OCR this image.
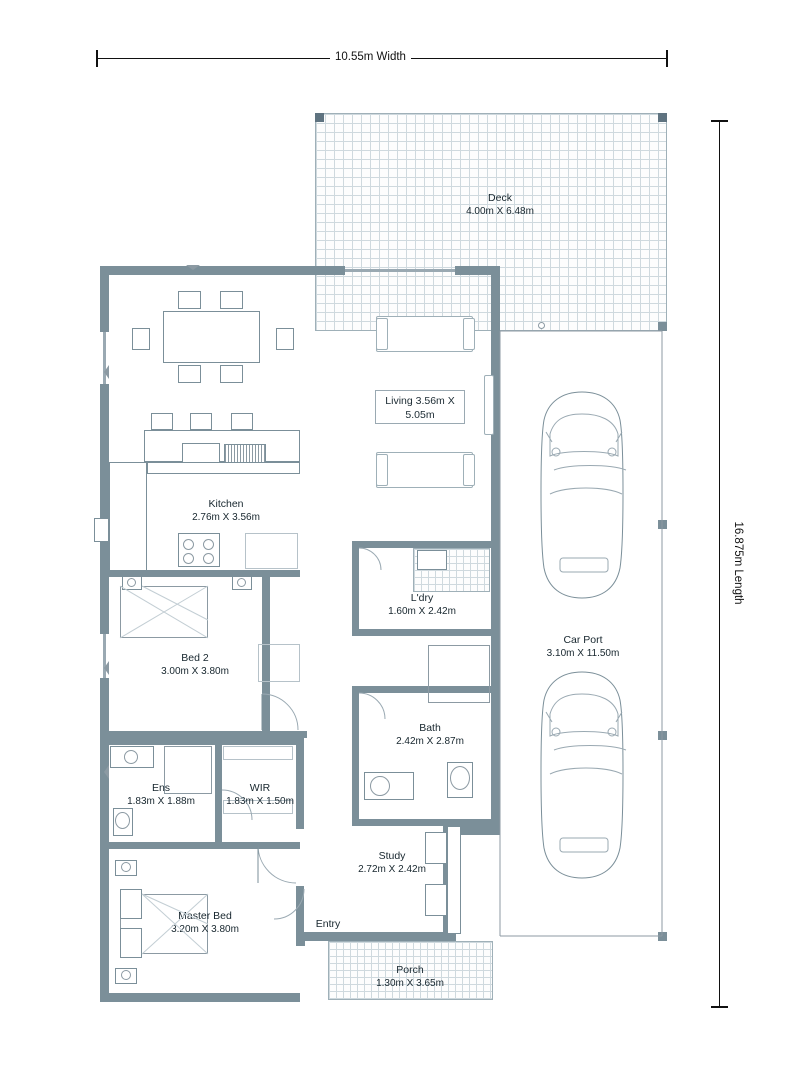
10.55m Width
16.875m Length
Deck
4.00m X 6.48m
Kitchen
2.76m X 3.56m
Living 3.56m X 5.05m
Bed 2
3.00m X 3.80m
Ens
1.83m X 1.88m
WIR
1.83m X 1.50m
Master Bed
3.20m X 3.80m
L'dry
1.60m X 2.42m
Bath
2.42m X 2.87m
Study
2.72m X 2.42m
Entry
Porch
1.30m X 3.65m
Car Port
3.10m X 11.50m
